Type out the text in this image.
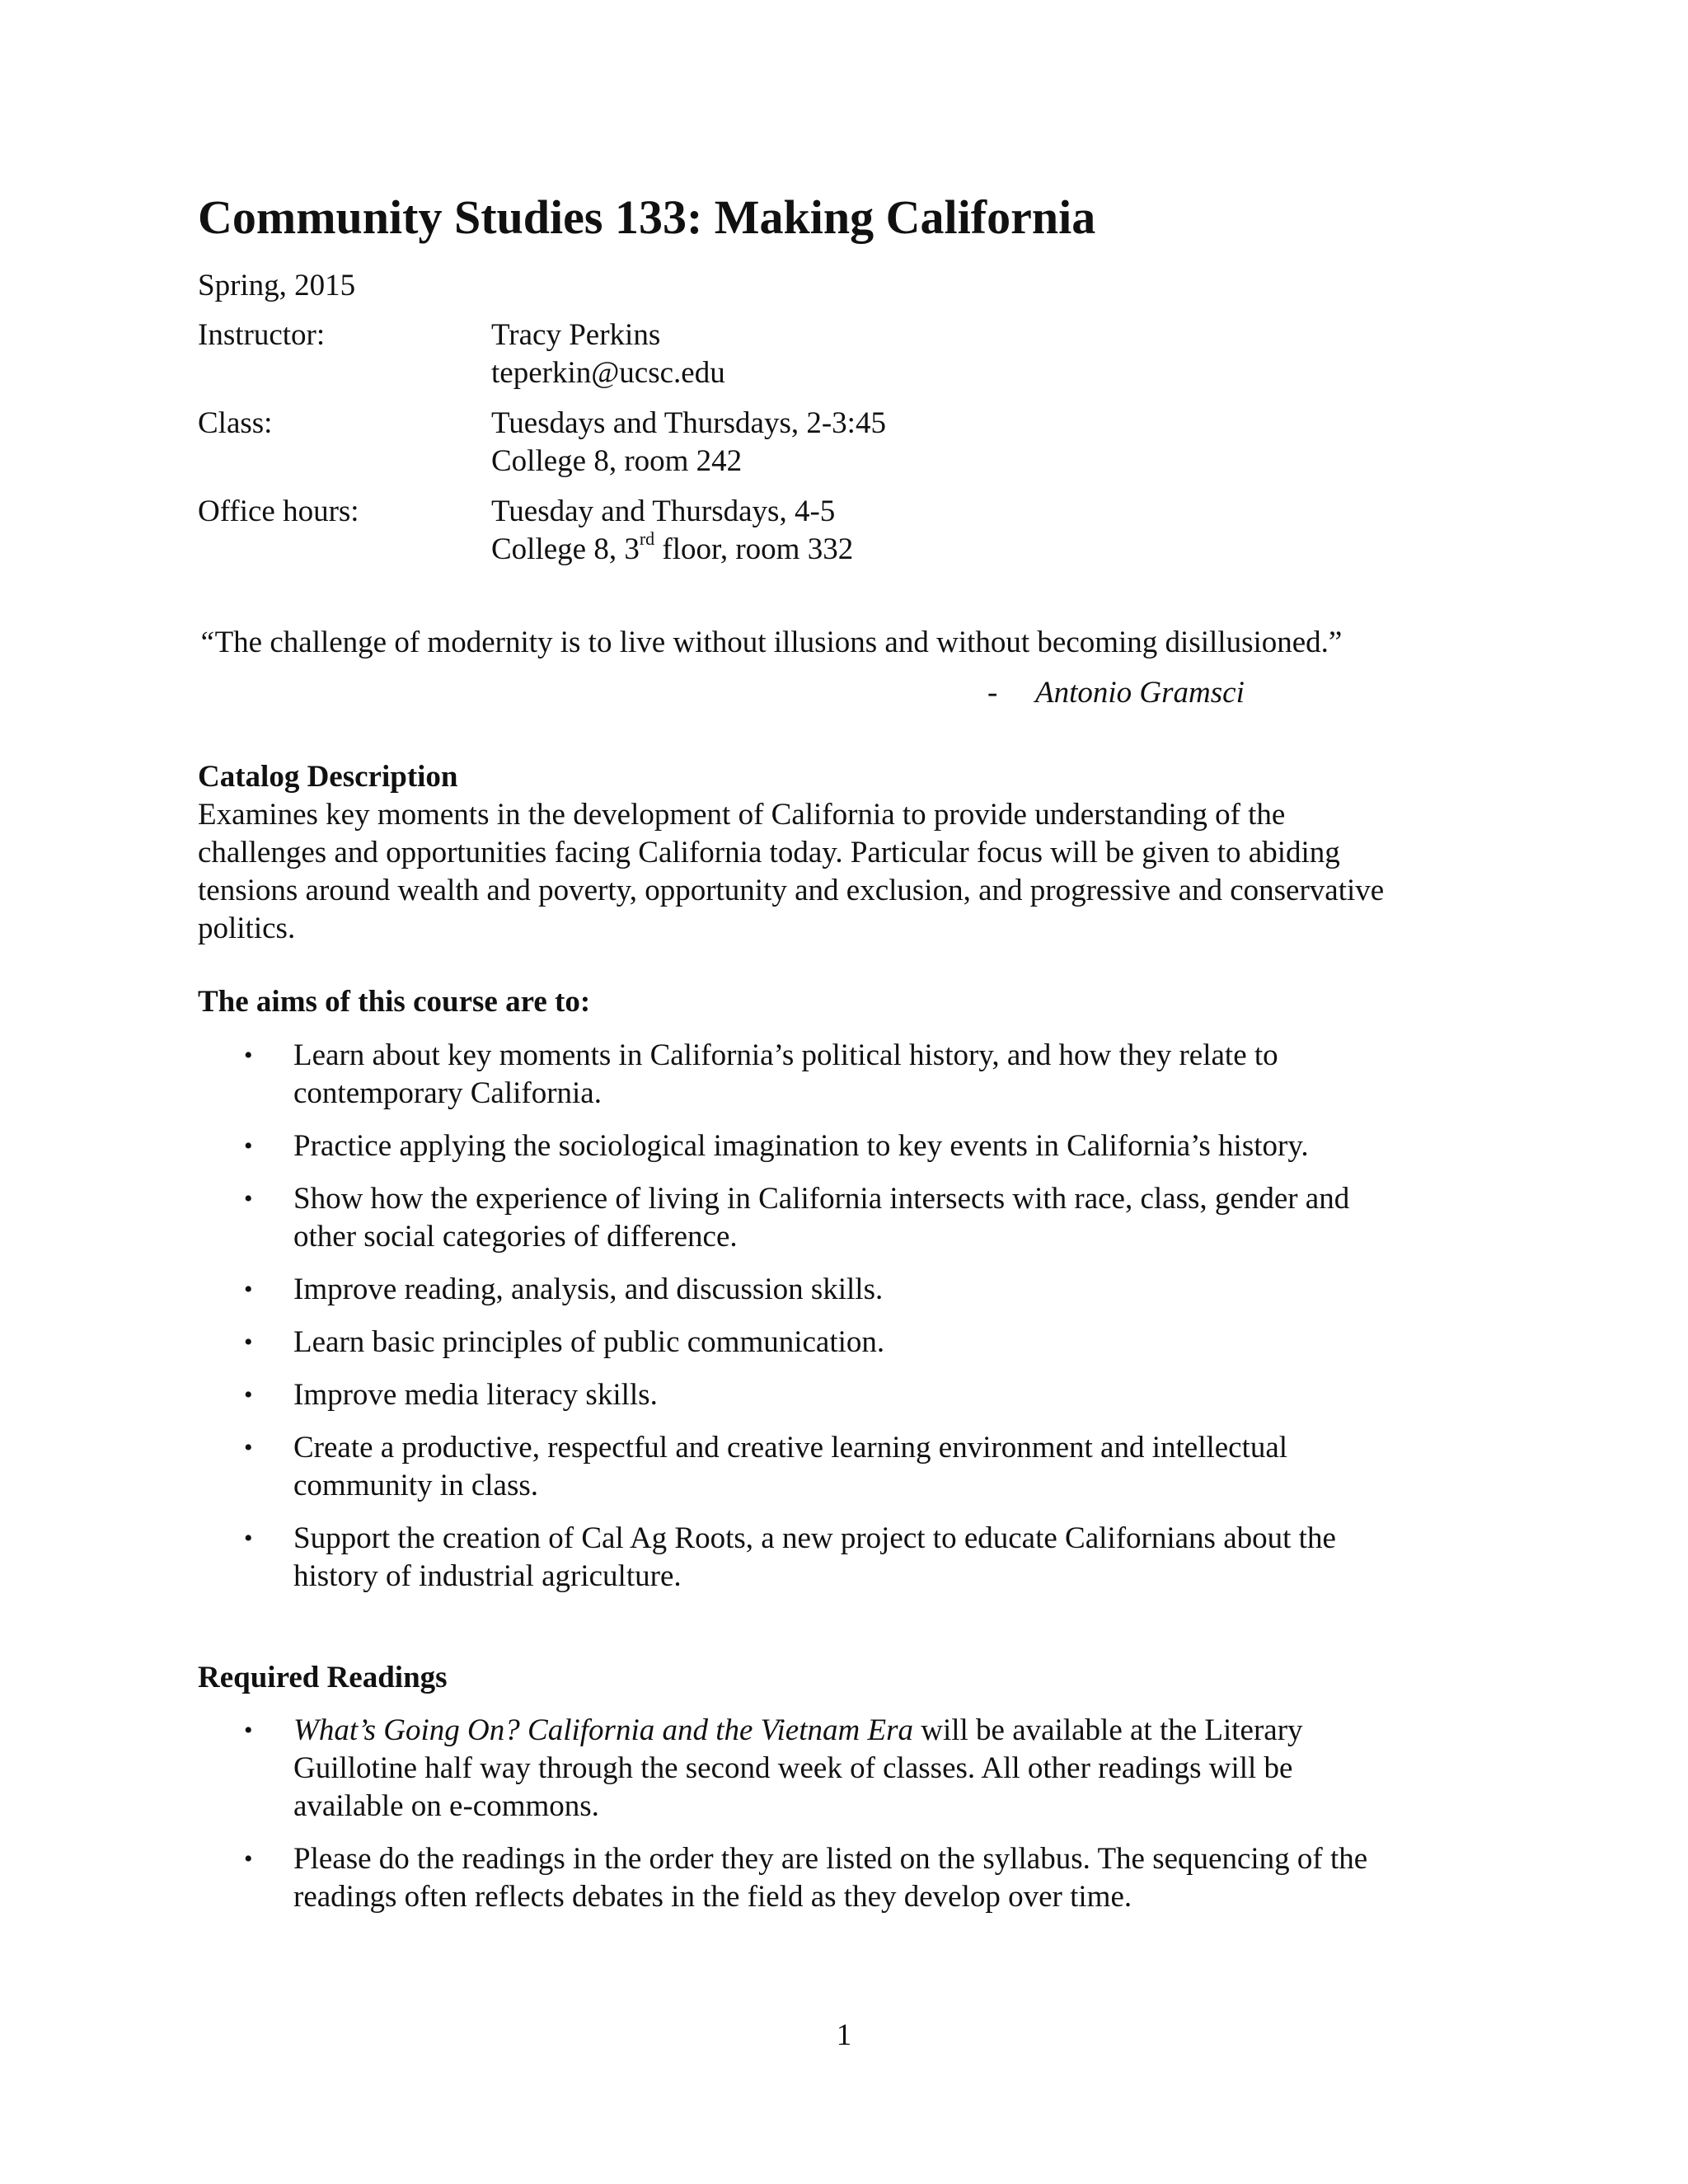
Community Studies 133: Making California
Spring, 2015
Instructor:	Tracy Perkins
teperkin@ucsc.edu
Class:	Tuesdays and Thursdays, 2-3:45
College 8, room 242
Office hours:	Tuesday and Thursdays, 4-5
College 8, 3rd floor, room 332
“The challenge of modernity is to live without illusions and without becoming disillusioned.”
- Antonio Gramsci
Catalog Description
Examines key moments in the development of California to provide understanding of the
challenges and opportunities facing California today. Particular focus will be given to abiding
tensions around wealth and poverty, opportunity and exclusion, and progressive and conservative
politics.
The aims of this course are to:
• Learn about key moments in California’s political history, and how they relate to
contemporary California.
• Practice applying the sociological imagination to key events in California’s history.
• Show how the experience of living in California intersects with race, class, gender and
other social categories of difference.
• Improve reading, analysis, and discussion skills.
• Learn basic principles of public communication.
• Improve media literacy skills.
• Create a productive, respectful and creative learning environment and intellectual
community in class.
• Support the creation of Cal Ag Roots, a new project to educate Californians about the
history of industrial agriculture.
Required Readings
• What’s Going On? California and the Vietnam Era will be available at the Literary
Guillotine half way through the second week of classes. All other readings will be
available on e-commons.
• Please do the readings in the order they are listed on the syllabus. The sequencing of the
readings often reflects debates in the field as they develop over time.
1
